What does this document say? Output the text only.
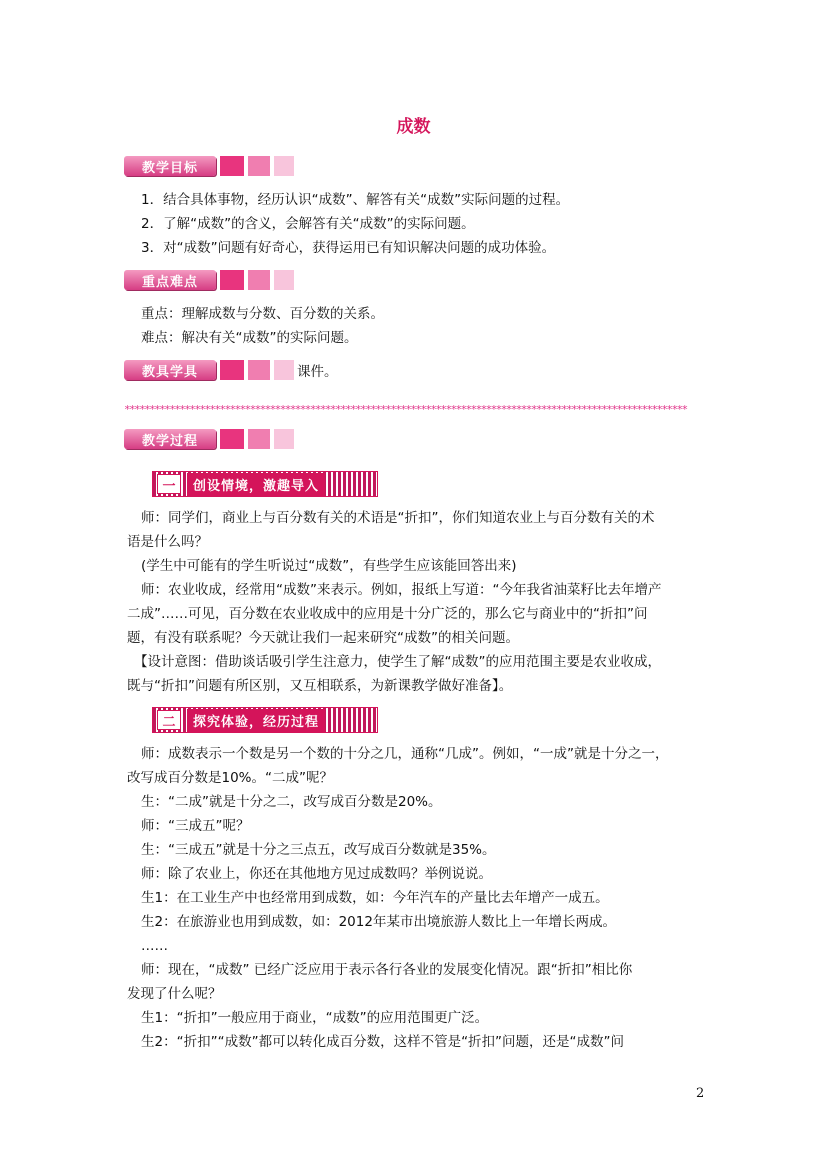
成数
教学目标
1．结合具体事物，经历认识“成数”、解答有关“成数”实际问题的过程。
2．了解“成数”的含义，会解答有关“成数”的实际问题。
3．对“成数”问题有好奇心，获得运用已有知识解决问题的成功体验。
重点难点
重点：理解成数与分数、百分数的关系。
难点：解决有关“成数”的实际问题。
教具学具	课件。
****************************************************************************************************************
教学过程
一	创设情境，激趣导入
师：同学们，商业上与百分数有关的术语是“折扣”，你们知道农业上与百分数有关的术
语是什么吗？
(学生中可能有的学生听说过“成数”，有些学生应该能回答出来)
师：农业收成，经常用“成数”来表示。例如，报纸上写道：“今年我省油菜籽比去年增产
二成”……可见，百分数在农业收成中的应用是十分广泛的，那么它与商业中的“折扣”问
题，有没有联系呢？今天就让我们一起来研究“成数”的相关问题。
【设计意图：借助谈话吸引学生注意力，使学生了解“成数”的应用范围主要是农业收成，
既与“折扣”问题有所区别，又互相联系，为新课教学做好准备】。
二	探究体验，经历过程
师：成数表示一个数是另一个数的十分之几，通称“几成”。例如，“一成”就是十分之一，
改写成百分数是10%。“二成”呢？
生：“二成”就是十分之二，改写成百分数是20%。
师：“三成五”呢？
生：“三成五”就是十分之三点五，改写成百分数就是35%。
师：除了农业上，你还在其他地方见过成数吗？举例说说。
生1：在工业生产中也经常用到成数，如：今年汽车的产量比去年增产一成五。
生2：在旅游业也用到成数，如：2012年某市出境旅游人数比上一年增长两成。
……
师：现在，“成数” 已经广泛应用于表示各行各业的发展变化情况。跟“折扣”相比你
发现了什么呢？
生1：“折扣”一般应用于商业，“成数”的应用范围更广泛。
生2：“折扣”“成数”都可以转化成百分数，这样不管是“折扣”问题，还是“成数”问
2
